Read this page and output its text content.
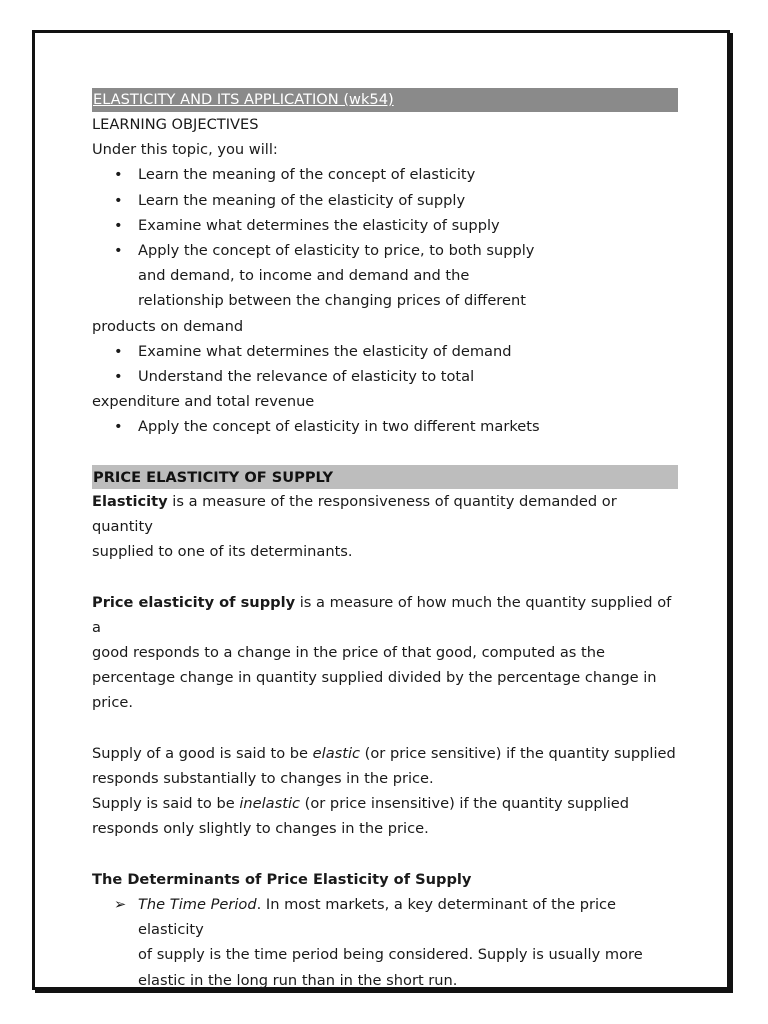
ELASTICITY AND ITS APPLICATION (wk54)
LEARNING OBJECTIVES
Under this topic, you will:
• Learn the meaning of the concept of elasticity
• Learn the meaning of the elasticity of supply
• Examine what determines the elasticity of supply
• Apply the concept of elasticity to price, to both supply
and demand, to income and demand and the
relationship between the changing prices of different
products on demand
• Examine what determines the elasticity of demand
• Understand the relevance of elasticity to total
expenditure and total revenue
• Apply the concept of elasticity in two different markets
PRICE ELASTICITY OF SUPPLY
Elasticity is a measure of the responsiveness of quantity demanded or quantity
supplied to one of its determinants.
Price elasticity of supply is a measure of how much the quantity supplied of a
good responds to a change in the price of that good, computed as the
percentage change in quantity supplied divided by the percentage change in
price.
Supply of a good is said to be elastic (or price sensitive) if the quantity supplied
responds substantially to changes in the price.
Supply is said to be inelastic (or price insensitive) if the quantity supplied
responds only slightly to changes in the price.
The Determinants of Price Elasticity of Supply
➢ The Time Period. In most markets, a key determinant of the price elasticity
of supply is the time period being considered. Supply is usually more
elastic in the long run than in the short run.
